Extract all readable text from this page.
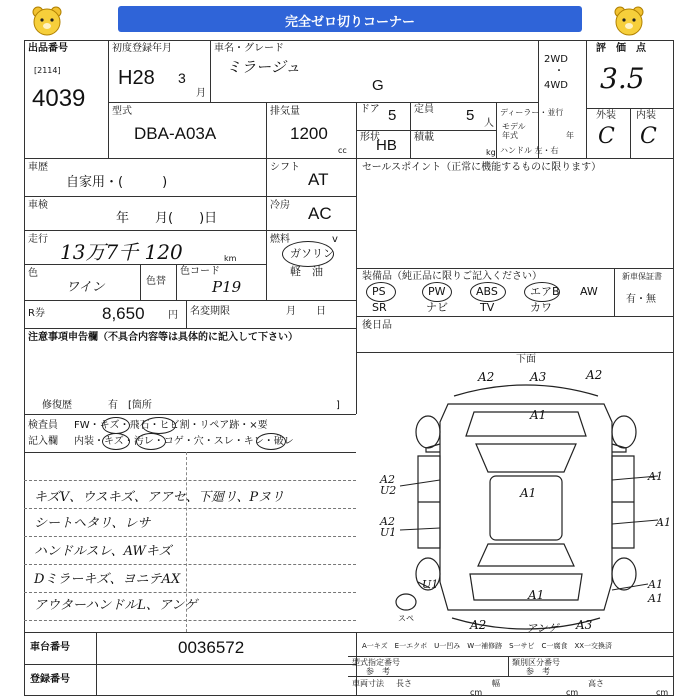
完全ゼロ切りコーナー
出品番号
[2114]
4039
初度登録年月
H28 3
月
車名・グレード
ミラージュ
G
2WD
・
4WD
評　価　点
3.5
型式
DBA-A03A
排気量
1200
cc
ドア 5 定員 5 人
形状
HB 積載
kg
ディーラー・並行
モデル
年式	年
ハンドル 左・右
外装 内装
C C
車歴
自家用・(　　　)
車検
年　　月(　　)日
走行
13万7千 120	km
色
ワイン	色替
色コード
P19
R券	8,650 円 名変期限	月　　日
注意事項申告欄（不具合内容等は具体的に記入して下さい）
修復歴	有　[箇所	]
シフト
AT
冷房 AC
燃料
ガソリン
軽　油
v
セールスポイント（正常に機能するものに限ります）
装備品（純正品に限りご記入ください）
PS	PW	ABS	エアB AW
SR	ナビ	TV	カワ
新車保証書
有・無
後日品
検査員
記入欄
FW・キズ・飛石・ヒビ割・リペア跡・×要
内装・キズ・汚レ・コゲ・穴・スレ・キレ・破レ
キズV、ウスキズ、アアセ、
シートヘタリ、レサ
ハンドルスレ、AWキズ
Dミラーキズ、ヨニテAX
アウターハンドルL、アンゲ
下廻リ、Pヌリ
下面
A2	A3	A2
A1
A1
A2
U2
A2
U1
U1
A1
A1
A1
A1
A1
A2	A3
アンゲ
スペ
車台番号	0036572
登録番号
A一キズ　E一エクボ　U一凹み　W一補修跡　S一サビ　C一腐食　XX一交換済
型式指定番号
参　考
類別区分番号
参　考
車両寸法 長さ
cm
幅
cm
高さ
cm
